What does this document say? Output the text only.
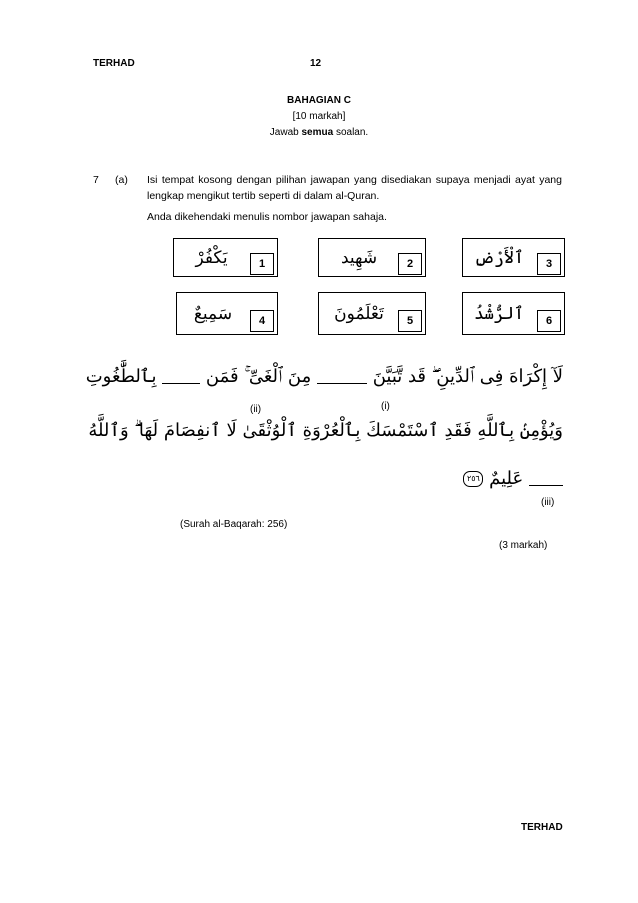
TERHAD	12
BAHAGIAN C
[10 markah]
Jawab semua soalan.
7 (a) Isi tempat kosong dengan pilihan jawapan yang disediakan supaya menjadi ayat yang lengkap mengikut tertib seperti di dalam al-Quran.
Anda dikehendaki menulis nombor jawapan sahaja.
يَكْفُرْ	1	شَهِيد	2	ٱلْأَرْضِ	3
سَمِيعٌ	4	تَعْلَمُونَ	5	ٱلرُّشْدُ	6
لَآ إِكْرَاهَ فِى ٱلدِّينِ ۖ قَد تَّبَيَّنَ  مِنَ ٱلْغَىِّ ۚ فَمَن  بِٱلطَّٰغُوتِ
(i)
(ii)
وَيُؤْمِنۢ بِٱللَّهِ فَقَدِ ٱسْتَمْسَكَ بِٱلْعُرْوَةِ ٱلْوُثْقَىٰ لَا ٱنفِصَامَ لَهَا ۗ وَٱللَّهُ
عَلِيمٌ ٢٥٦
(iii)
(Surah al-Baqarah: 256)
(3 markah)
TERHAD
